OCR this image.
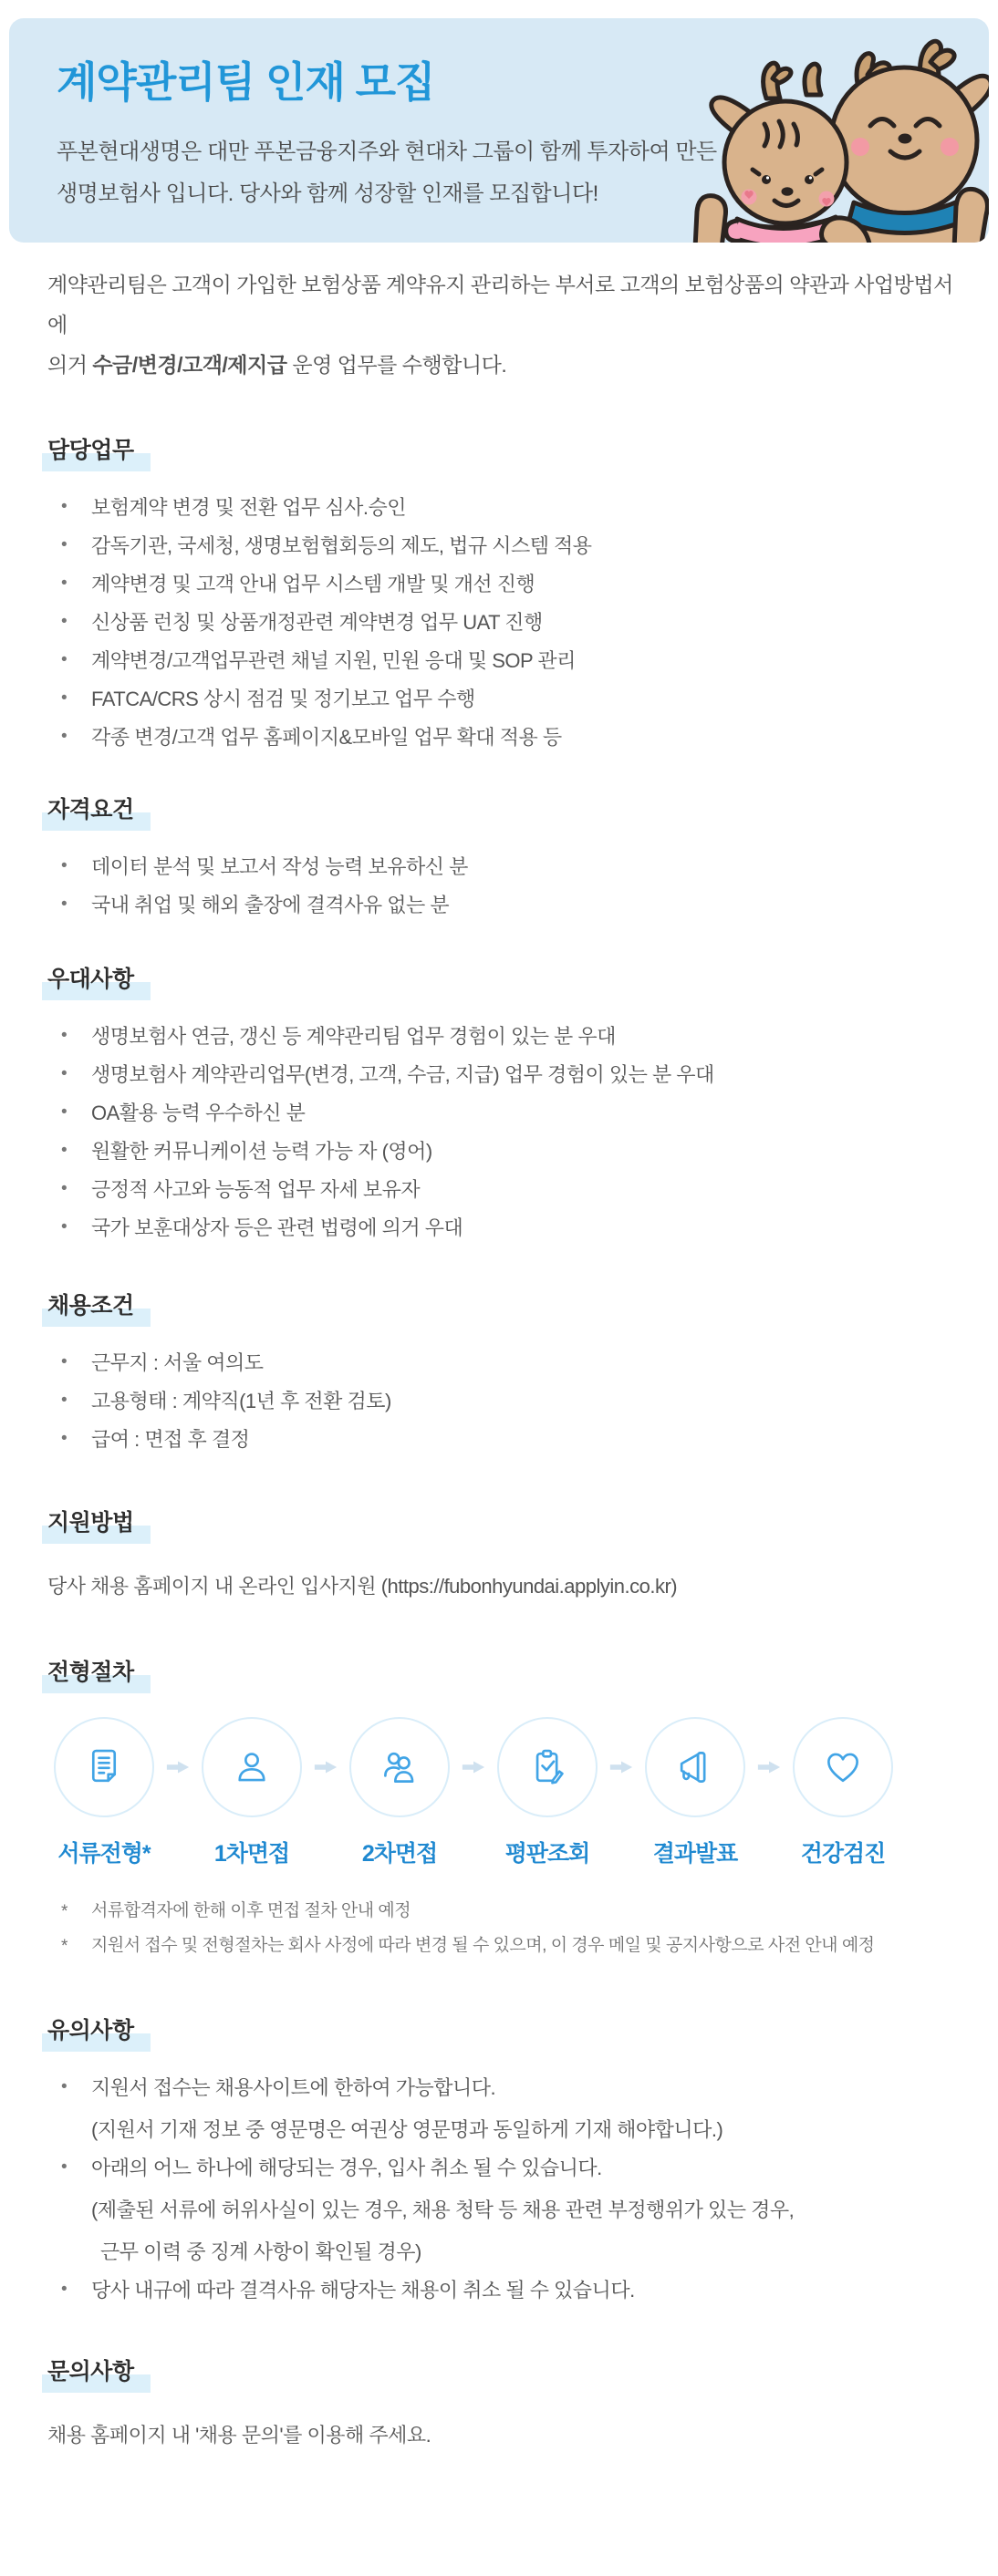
계약관리팀 인재 모집
푸본현대생명은 대만 푸본금융지주와 현대차 그룹이 함께 투자하여 만든
생명보험사 입니다. 당사와 함께 성장할 인재를 모집합니다!
계약관리팀은 고객이 가입한 보험상품 계약유지 관리하는 부서로 고객의 보험상품의 약관과 사업방법서에
의거 수금/변경/고객/제지급 운영 업무를 수행합니다.
담당업무
• 보험계약 변경 및 전환 업무 심사.승인
• 감독기관, 국세청, 생명보험협회등의 제도, 법규 시스템 적용
• 계약변경 및 고객 안내 업무 시스템 개발 및 개선 진행
• 신상품 런칭 및 상품개정관련 계약변경 업무 UAT 진행
• 계약변경/고객업무관련 채널 지원, 민원 응대 및 SOP 관리
• FATCA/CRS 상시 점검 및 정기보고 업무 수행
• 각종 변경/고객 업무 홈페이지&모바일 업무 확대 적용 등
자격요건
• 데이터 분석 및 보고서 작성 능력 보유하신 분
• 국내 취업 및 해외 출장에 결격사유 없는 분
우대사항
• 생명보험사 연금, 갱신 등 계약관리팀 업무 경험이 있는 분 우대
• 생명보험사 계약관리업무(변경, 고객, 수금, 지급) 업무 경험이 있는 분 우대
• OA활용 능력 우수하신 분
• 원활한 커뮤니케이션 능력 가능 자 (영어)
• 긍정적 사고와 능동적 업무 자세 보유자
• 국가 보훈대상자 등은 관련 법령에 의거 우대
채용조건
• 근무지 : 서울 여의도
• 고용형태 : 계약직(1년 후 전환 검토)
• 급여 : 면접 후 결정
지원방법
당사 채용 홈페이지 내 온라인 입사지원 (https://fubonhyundai.applyin.co.kr)
전형절차
서류전형*	1차면접	2차면접	평판조회	결과발표	건강검진
* 서류합격자에 한해 이후 면접 절차 안내 예정
* 지원서 접수 및 전형절차는 회사 사정에 따라 변경 될 수 있으며, 이 경우 메일 및 공지사항으로 사전 안내 예정
유의사항
• 지원서 접수는 채용사이트에 한하여 가능합니다.
(지원서 기재 정보 중 영문명은 여권상 영문명과 동일하게 기재 해야합니다.)
• 아래의 어느 하나에 해당되는 경우, 입사 취소 될 수 있습니다.
(제출된 서류에 허위사실이 있는 경우, 채용 청탁 등 채용 관련 부정행위가 있는 경우,
근무 이력 중 징계 사항이 확인될 경우)
• 당사 내규에 따라 결격사유 해당자는 채용이 취소 될 수 있습니다.
문의사항
채용 홈페이지 내 '채용 문의'를 이용해 주세요.
